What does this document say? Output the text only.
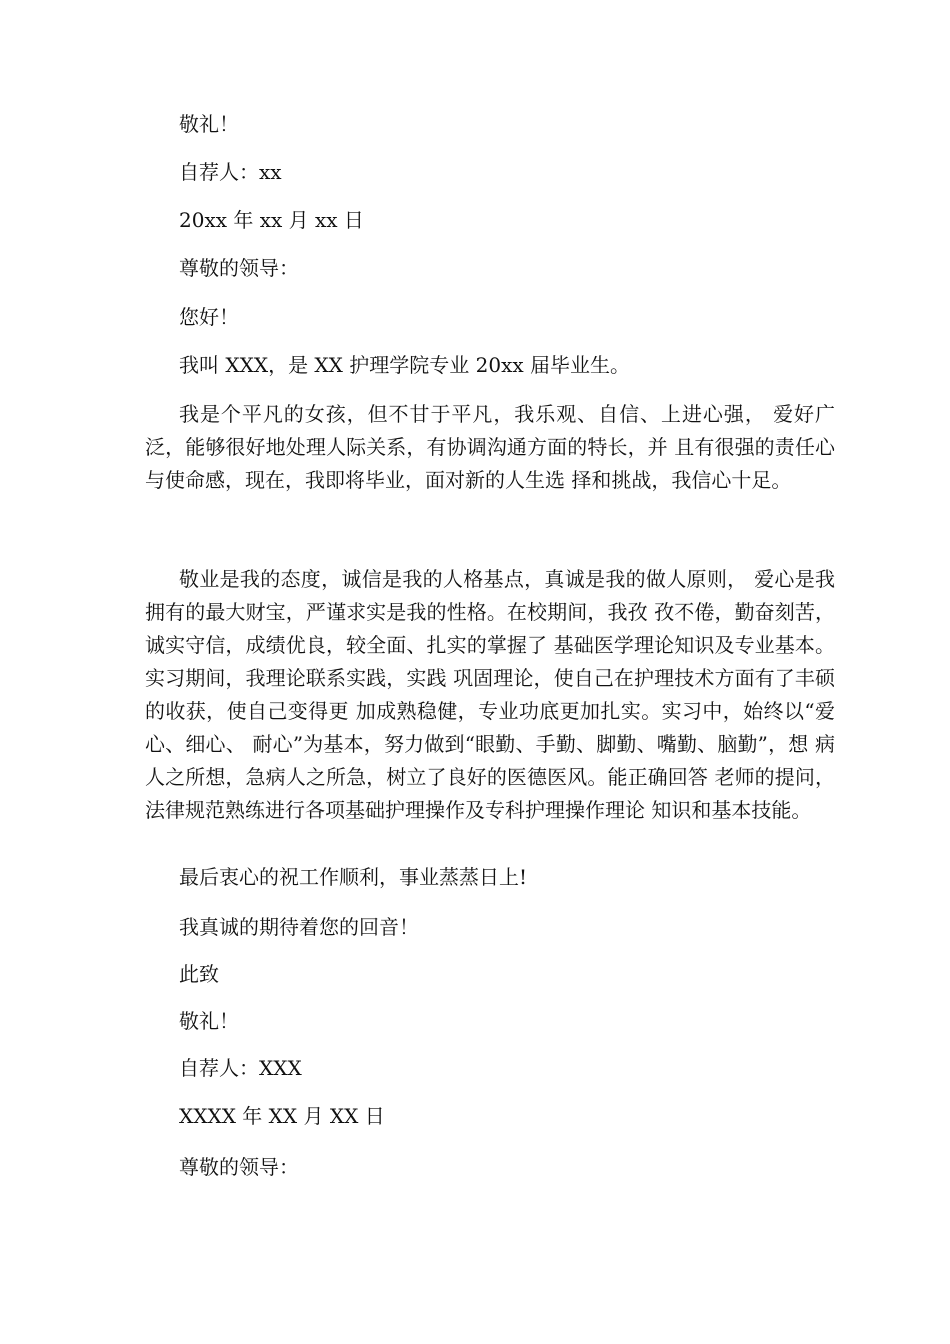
敬礼！
自荐人：xx
20xx 年 xx 月 xx 日
尊敬的领导：
您好！
我叫 XXX，是 XX 护理学院专业 20xx 届毕业生。
我是个平凡的女孩，但不甘于平凡，我乐观、自信、上进心强， 爱好广泛，能够很好地处理人际关系，有协调沟通方面的特长，并 且有很强的责任心与使命感，现在，我即将毕业，面对新的人生选 择和挑战，我信心十足。
敬业是我的态度，诚信是我的人格基点，真诚是我的做人原则， 爱心是我拥有的最大财宝，严谨求实是我的性格。在校期间，我孜 孜不倦，勤奋刻苦，诚实守信，成绩优良，较全面、扎实的掌握了 基础医学理论知识及专业基本。实习期间，我理论联系实践，实践 巩固理论，使自己在护理技术方面有了丰硕的收获，使自己变得更 加成熟稳健，专业功底更加扎实。实习中，始终以“爱心、细心、 耐心”为基本，努力做到“眼勤、手勤、脚勤、嘴勤、脑勤”，想 病人之所想，急病人之所急，树立了良好的医德医风。能正确回答 老师的提问，法律规范熟练进行各项基础护理操作及专科护理操作理论 知识和基本技能。
最后衷心的祝工作顺利，事业蒸蒸日上!
我真诚的期待着您的回音！
此致
敬礼！
自荐人：XXX
XXXX 年 XX 月 XX 日
尊敬的领导：
